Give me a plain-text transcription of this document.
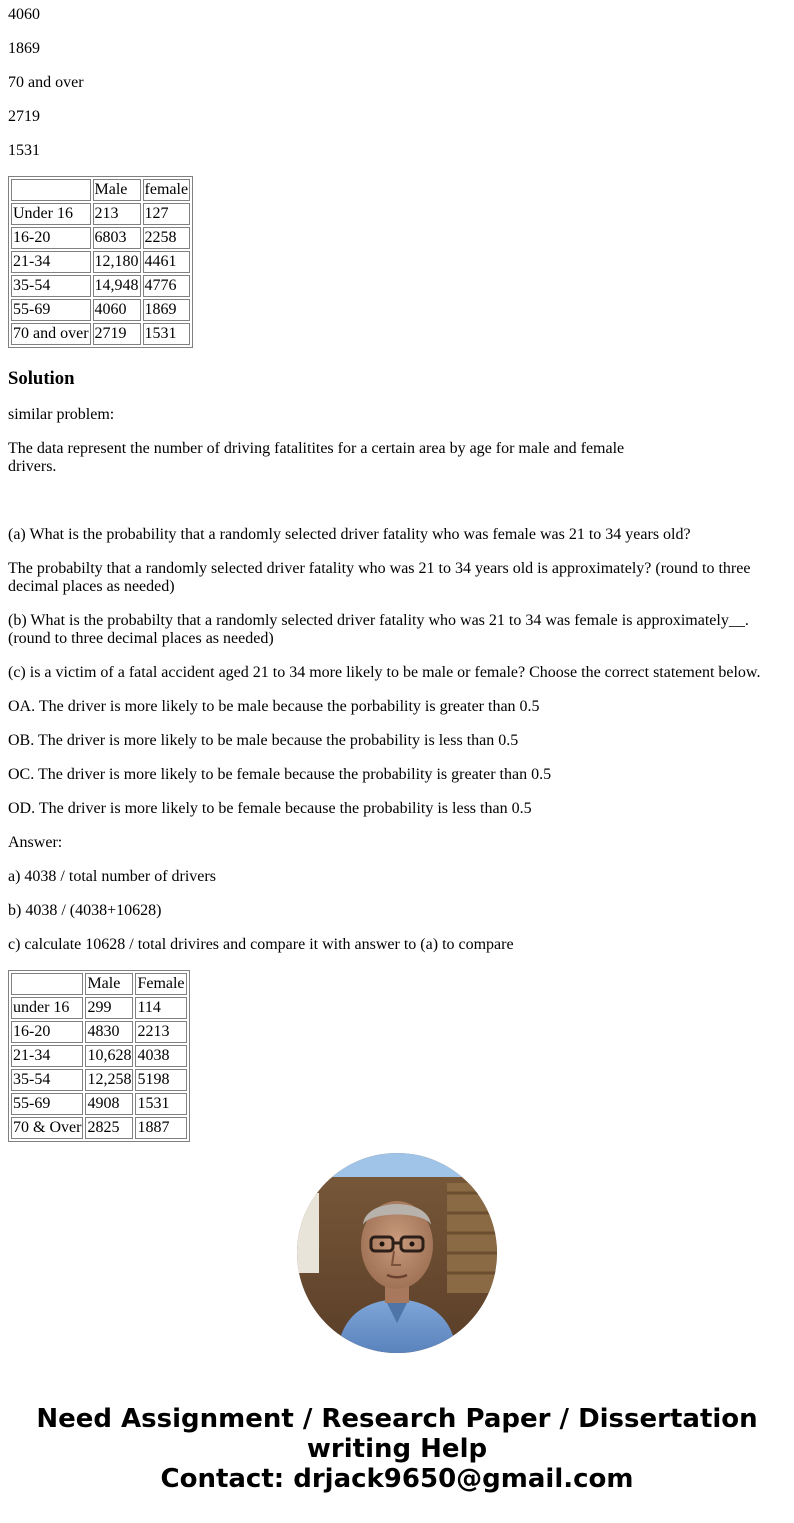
4060

1869

70 and over

2719

1531

	Male	female
Under 16	213	127
16-20	6803	2258
21-34	12,180	4461
35-54	14,948	4776
55-69	4060	1869
70 and over	2719	1531
Solution

similar problem:

The data represent the number of driving fatalitites for a certain area by age for male and female drivers.

(a) What is the probability that a randomly selected driver fatality who was female was 21 to 34 years old?

The probabilty that a randomly selected driver fatality who was 21 to 34 years old is approximately? (round to three decimal places as needed)

(b) What is the probabilty that a randomly selected driver fatality who was 21 to 34 was female is approximately__. (round to three decimal places as needed)

(c) is a victim of a fatal accident aged 21 to 34 more likely to be male or female? Choose the correct statement below.

OA. The driver is more likely to be male because the porbability is greater than 0.5

OB. The driver is more likely to be male because the probability is less than 0.5

OC. The driver is more likely to be female because the probability is greater than 0.5

OD. The driver is more likely to be female because the probability is less than 0.5

Answer:

a) 4038 / total number of drivers

b) 4038 / (4038+10628)

c) calculate 10628 / total drivires and compare it with answer to (a) to compare

	Male	Female
under 16	299	114
16-20	4830	2213
21-34	10,628	4038
35-54	12,258	5198
55-69	4908	1531
70 & Over	2825	1887
Need Assignment / Research Paper / Dissertation
writing Help
Contact: drjack9650@gmail.com
